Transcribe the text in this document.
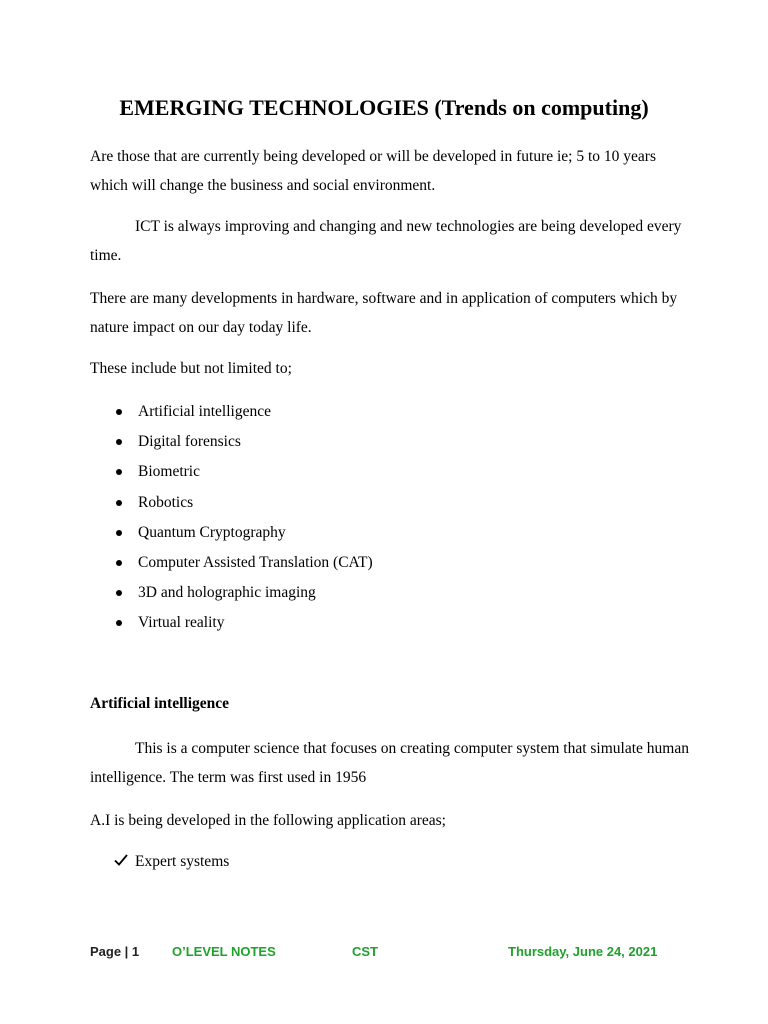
EMERGING TECHNOLOGIES (Trends on computing)

Are those that are currently being developed or will be developed in future ie; 5 to 10 years which will change the business and social environment.

ICT is always improving and changing and new technologies are being developed every time.

There are many developments in hardware, software and in application of computers which by nature impact on our day today life.

These include but not limited to;

Artificial intelligence
Digital forensics
Biometric
Robotics
Quantum Cryptography
Computer Assisted Translation (CAT)
3D and holographic imaging
Virtual reality
Artificial intelligence

This is a computer science that focuses on creating computer system that simulate human intelligence. The term was first used in 1956

A.I is being developed in the following application areas;

Expert systems
Page | 1	O’LEVEL NOTES	CST	Thursday, June 24, 2021
